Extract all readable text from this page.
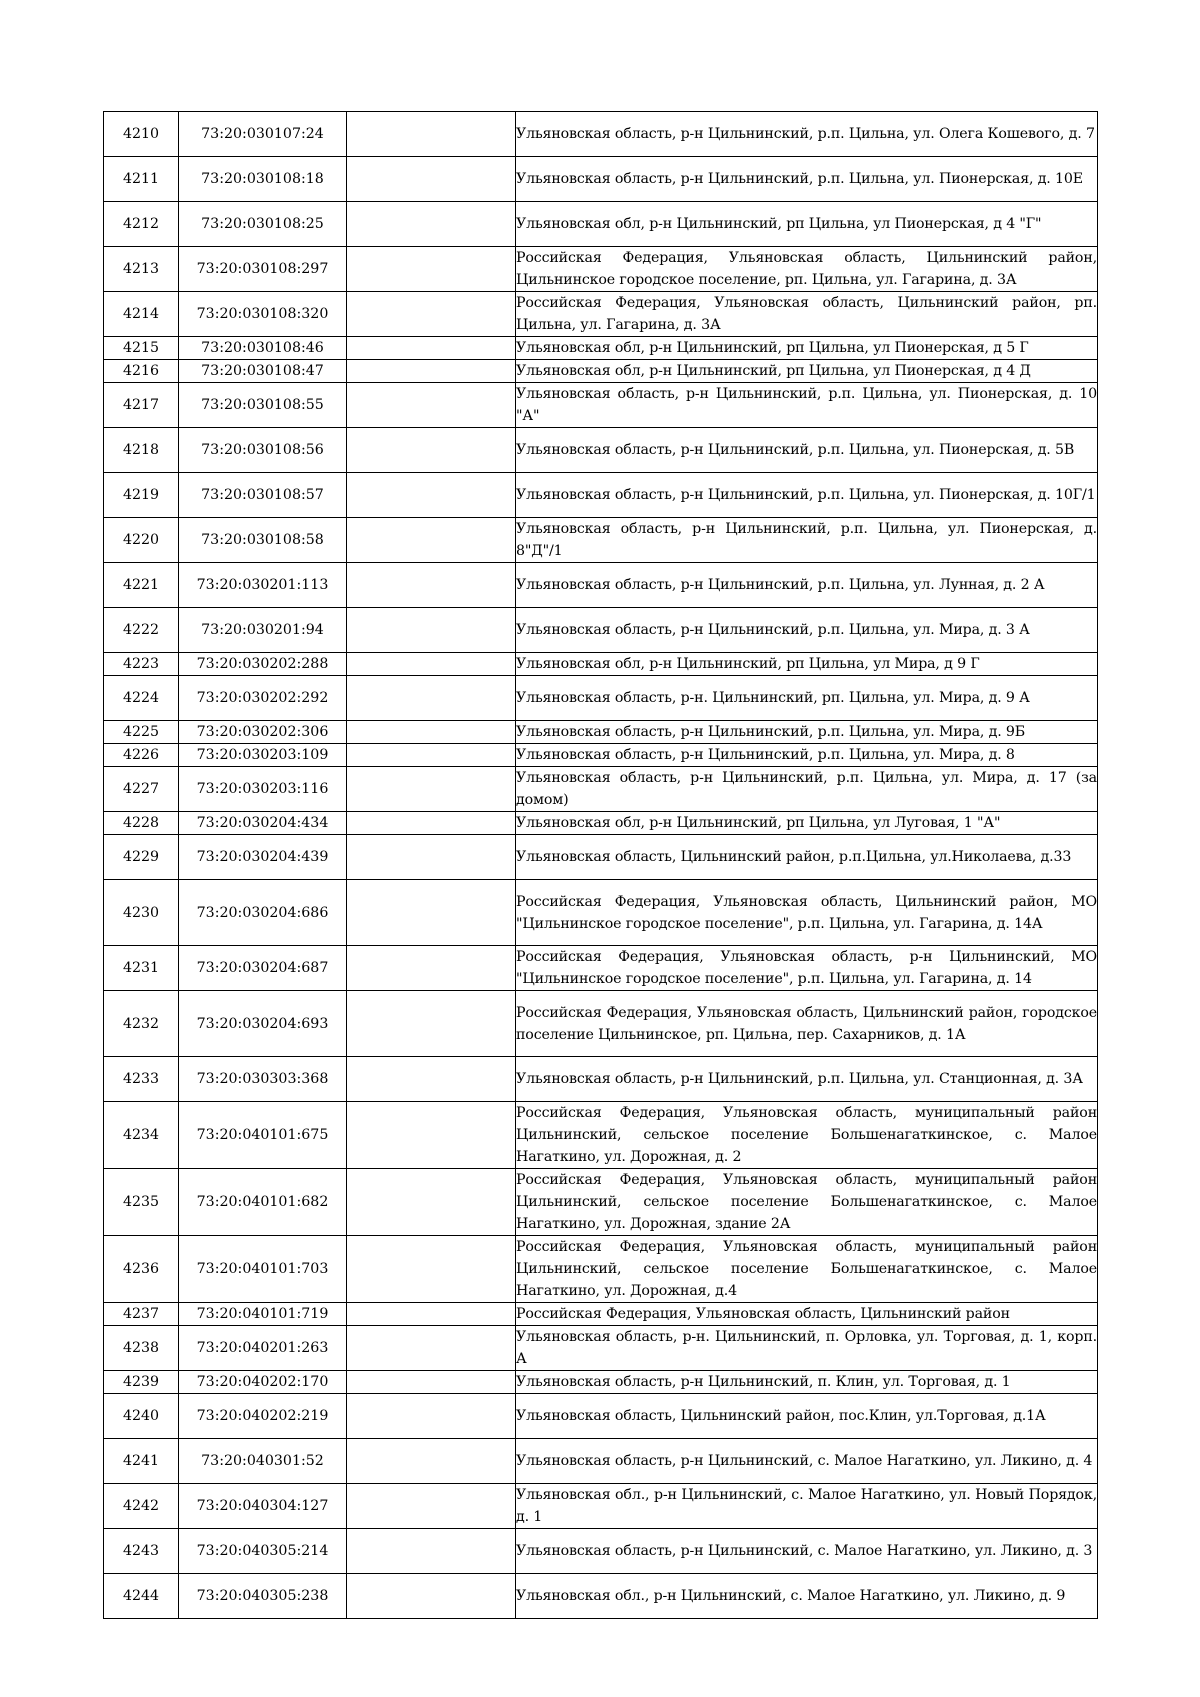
4210	73:20:030107:24		Ульяновская область, р-н Цильнинский, р.п. Цильна, ул. Олега Кошевого, д. 7

4211	73:20:030108:18		Ульяновская область, р-н Цильнинский, р.п. Цильна, ул. Пионерская, д. 10Е

4212	73:20:030108:25		Ульяновская обл, р-н Цильнинский, рп Цильна, ул Пионерская, д 4 "Г"

4213	73:20:030108:297		Российская Федерация, Ульяновская область, Цильнинский район, Цильнинское городское поселение, рп. Цильна, ул. Гагарина, д. 3А

4214	73:20:030108:320		Российская Федерация, Ульяновская область, Цильнинский район, рп. Цильна, ул. Гагарина, д. 3А

4215	73:20:030108:46		Ульяновская обл, р-н Цильнинский, рп Цильна, ул Пионерская, д 5 Г

4216	73:20:030108:47		Ульяновская обл, р-н Цильнинский, рп Цильна, ул Пионерская, д 4 Д

4217	73:20:030108:55		Ульяновская область, р-н Цильнинский, р.п. Цильна, ул. Пионерская, д. 10 "А"

4218	73:20:030108:56		Ульяновская область, р-н Цильнинский, р.п. Цильна, ул. Пионерская, д. 5В

4219	73:20:030108:57		Ульяновская область, р-н Цильнинский, р.п. Цильна, ул. Пионерская, д. 10Г/1

4220	73:20:030108:58		Ульяновская область, р-н Цильнинский, р.п. Цильна, ул. Пионерская, д. 8"Д"/1

4221	73:20:030201:113		Ульяновская область, р-н Цильнинский, р.п. Цильна, ул. Лунная, д. 2 А

4222	73:20:030201:94		Ульяновская область, р-н Цильнинский, р.п. Цильна, ул. Мира, д. 3 А

4223	73:20:030202:288		Ульяновская обл, р-н Цильнинский, рп Цильна, ул Мира, д 9 Г

4224	73:20:030202:292		Ульяновская область, р-н. Цильнинский, рп. Цильна, ул. Мира, д. 9 А

4225	73:20:030202:306		Ульяновская область, р-н Цильнинский, р.п. Цильна, ул. Мира, д. 9Б

4226	73:20:030203:109		Ульяновская область, р-н Цильнинский, р.п. Цильна, ул. Мира, д. 8

4227	73:20:030203:116		Ульяновская область, р-н Цильнинский, р.п. Цильна, ул. Мира, д. 17 (за домом)

4228	73:20:030204:434		Ульяновская обл, р-н Цильнинский, рп Цильна, ул Луговая, 1 "А"

4229	73:20:030204:439		Ульяновская область, Цильнинский район, р.п.Цильна, ул.Николаева, д.33

4230	73:20:030204:686		Российская Федерация, Ульяновская область, Цильнинский район, МО "Цильнинское городское поселение", р.п. Цильна, ул. Гагарина, д. 14А

4231	73:20:030204:687		Российская Федерация, Ульяновская область, р-н Цильнинский, МО "Цильнинское городское поселение", р.п. Цильна, ул. Гагарина, д. 14

4232	73:20:030204:693		Российская Федерация, Ульяновская область, Цильнинский район, городское поселение Цильнинское, рп. Цильна, пер. Сахарников, д. 1А

4233	73:20:030303:368		Ульяновская область, р-н Цильнинский, р.п. Цильна, ул. Станционная, д. 3А

4234	73:20:040101:675		Российская Федерация, Ульяновская область, муниципальный район Цильнинский, сельское поселение Большенагаткинское, с. Малое Нагаткино, ул. Дорожная, д. 2

4235	73:20:040101:682		Российская Федерация, Ульяновская область, муниципальный район Цильнинский, сельское поселение Большенагаткинское, с. Малое Нагаткино, ул. Дорожная, здание 2А

4236	73:20:040101:703		Российская Федерация, Ульяновская область, муниципальный район Цильнинский, сельское поселение Большенагаткинское, с. Малое Нагаткино, ул. Дорожная, д.4

4237	73:20:040101:719		Российская Федерация, Ульяновская область, Цильнинский район

4238	73:20:040201:263		Ульяновская область, р-н. Цильнинский, п. Орловка, ул. Торговая, д. 1, корп. А

4239	73:20:040202:170		Ульяновская область, р-н Цильнинский, п. Клин, ул. Торговая, д. 1

4240	73:20:040202:219		Ульяновская область, Цильнинский район, пос.Клин, ул.Торговая, д.1А

4241	73:20:040301:52		Ульяновская область, р-н Цильнинский, с. Малое Нагаткино, ул. Ликино, д. 4

4242	73:20:040304:127		Ульяновская обл., р-н Цильнинский, с. Малое Нагаткино, ул. Новый Порядок, д. 1

4243	73:20:040305:214		Ульяновская область, р-н Цильнинский, с. Малое Нагаткино, ул. Ликино, д. 3

4244	73:20:040305:238		Ульяновская обл., р-н Цильнинский, с. Малое Нагаткино, ул. Ликино, д. 9
